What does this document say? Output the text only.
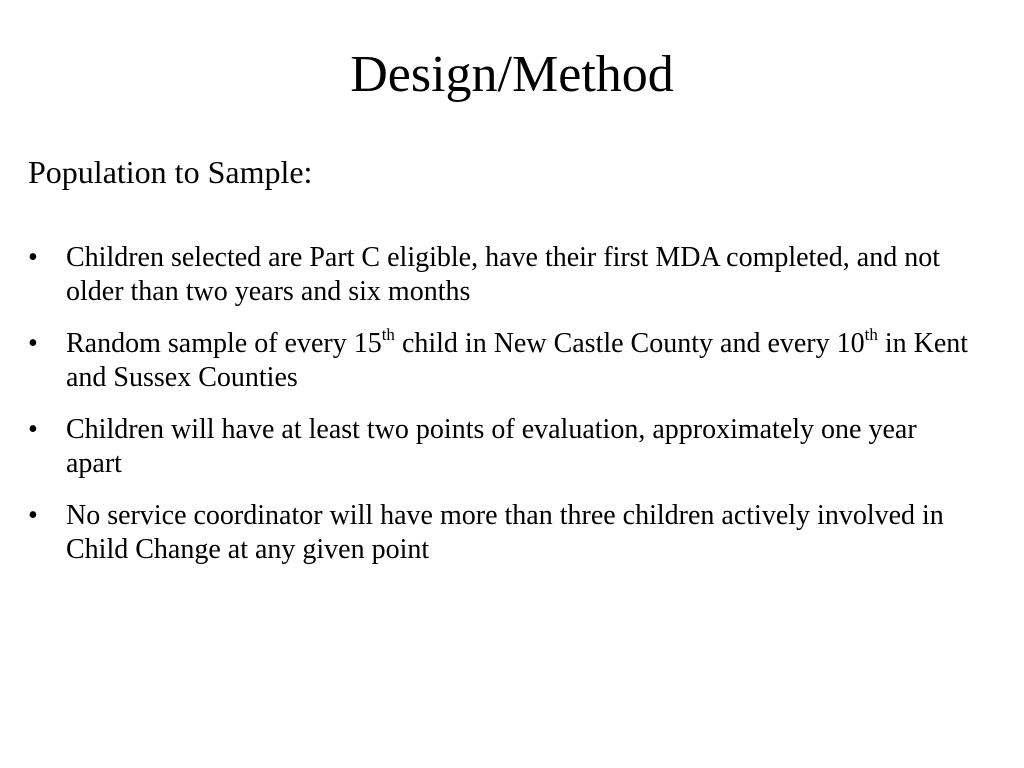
Design/Method
Population to Sample:
•	Children selected are Part C eligible, have their first MDA completed, and not older than two years and six months
•	Random sample of every 15th child in New Castle County and every 10th in Kent and Sussex Counties
•	Children will have at least two points of evaluation, approximately one year apart
•	No service coordinator will have more than three children actively involved in Child Change at any given point
